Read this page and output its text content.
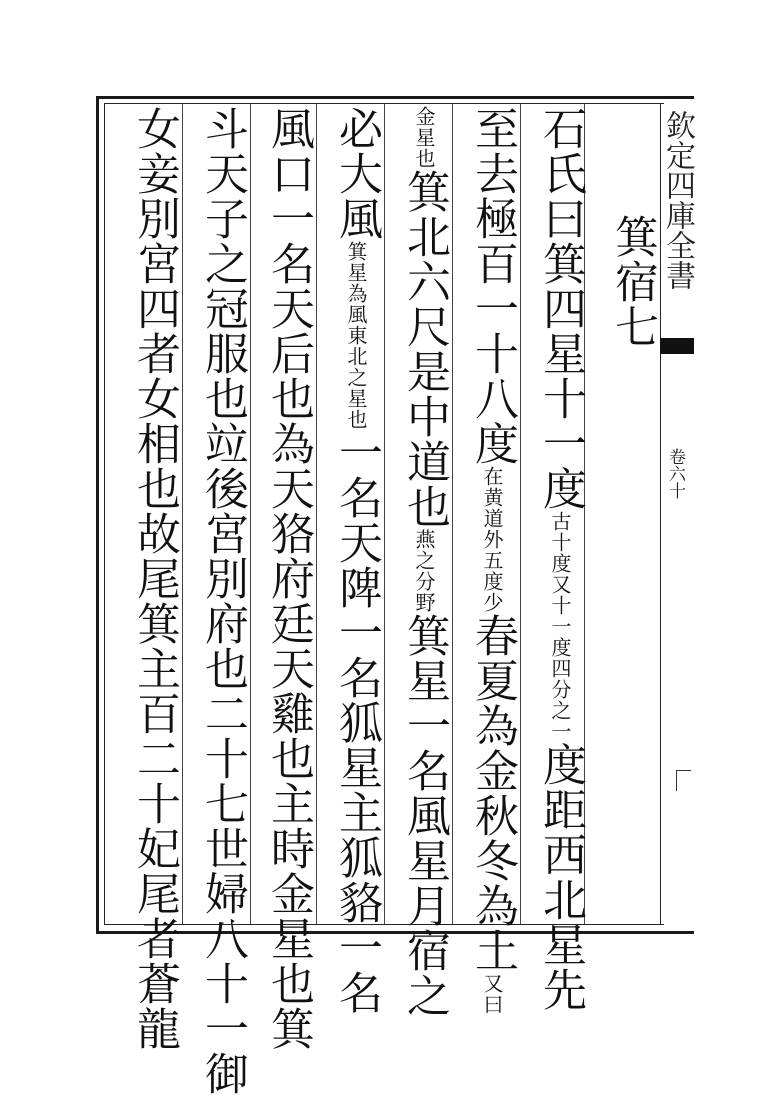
欽定四庫全書
卷六十
箕宿七
石氏曰箕四星十一度古十度又十一度四分之一度距西北星先
至去極百一十八度在黄道外五度少春夏為金秋冬為土又曰
金星也箕北六尺是中道也燕之分野箕星一名風星月宿之
必大風箕星為風東北之星也一名天陴一名狐星主狐貉一名
風口一名天后也為天狢府廷天雞也主時金星也箕
斗天子之冠服也竝後宮別府也二十七世婦八十一御
女妾別宮四者女相也故尾箕主百二十妃尾者蒼龍
